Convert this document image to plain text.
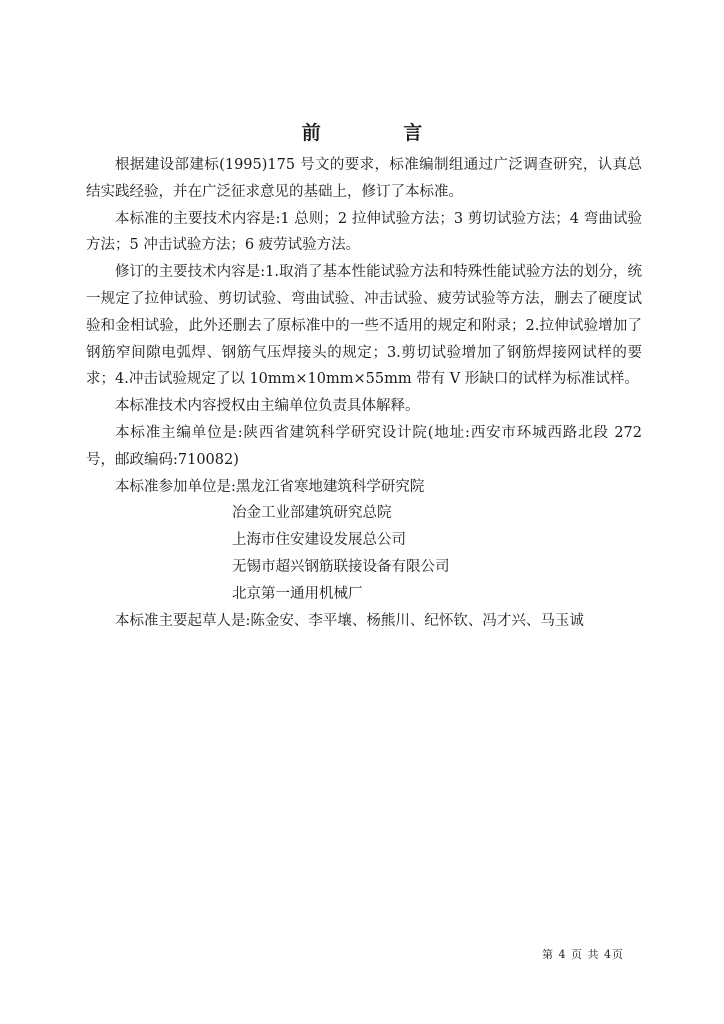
前 言

根据建设部建标(1995)175 号文的要求，标准编制组通过广泛调查研究，认真总结实践经验，并在广泛征求意见的基础上，修订了本标准。

本标准的主要技术内容是:1 总则；2 拉伸试验方法；3 剪切试验方法；4 弯曲试验方法；5 冲击试验方法；6 疲劳试验方法。

修订的主要技术内容是:1.取消了基本性能试验方法和特殊性能试验方法的划分，统一规定了拉伸试验、剪切试验、弯曲试验、冲击试验、疲劳试验等方法，删去了硬度试验和金相试验，此外还删去了原标准中的一些不适用的规定和附录；2.拉伸试验增加了钢筋窄间隙电弧焊、钢筋气压焊接头的规定；3.剪切试验增加了钢筋焊接网试样的要求；4.冲击试验规定了以 10mm×10mm×55mm 带有 V 形缺口的试样为标准试样。

本标准技术内容授权由主编单位负责具体解释。

本标准主编单位是:陕西省建筑科学研究设计院(地址:西安市环城西路北段 272 号，邮政编码:710082)

本标准参加单位是:黑龙江省寒地建筑科学研究院
冶金工业部建筑研究总院
上海市住安建设发展总公司
无锡市超兴钢筋联接设备有限公司
北京第一通用机械厂

本标准主要起草人是:陈金安、李平壤、杨熊川、纪怀钦、冯才兴、马玉诚

第 4 页 共 4页
